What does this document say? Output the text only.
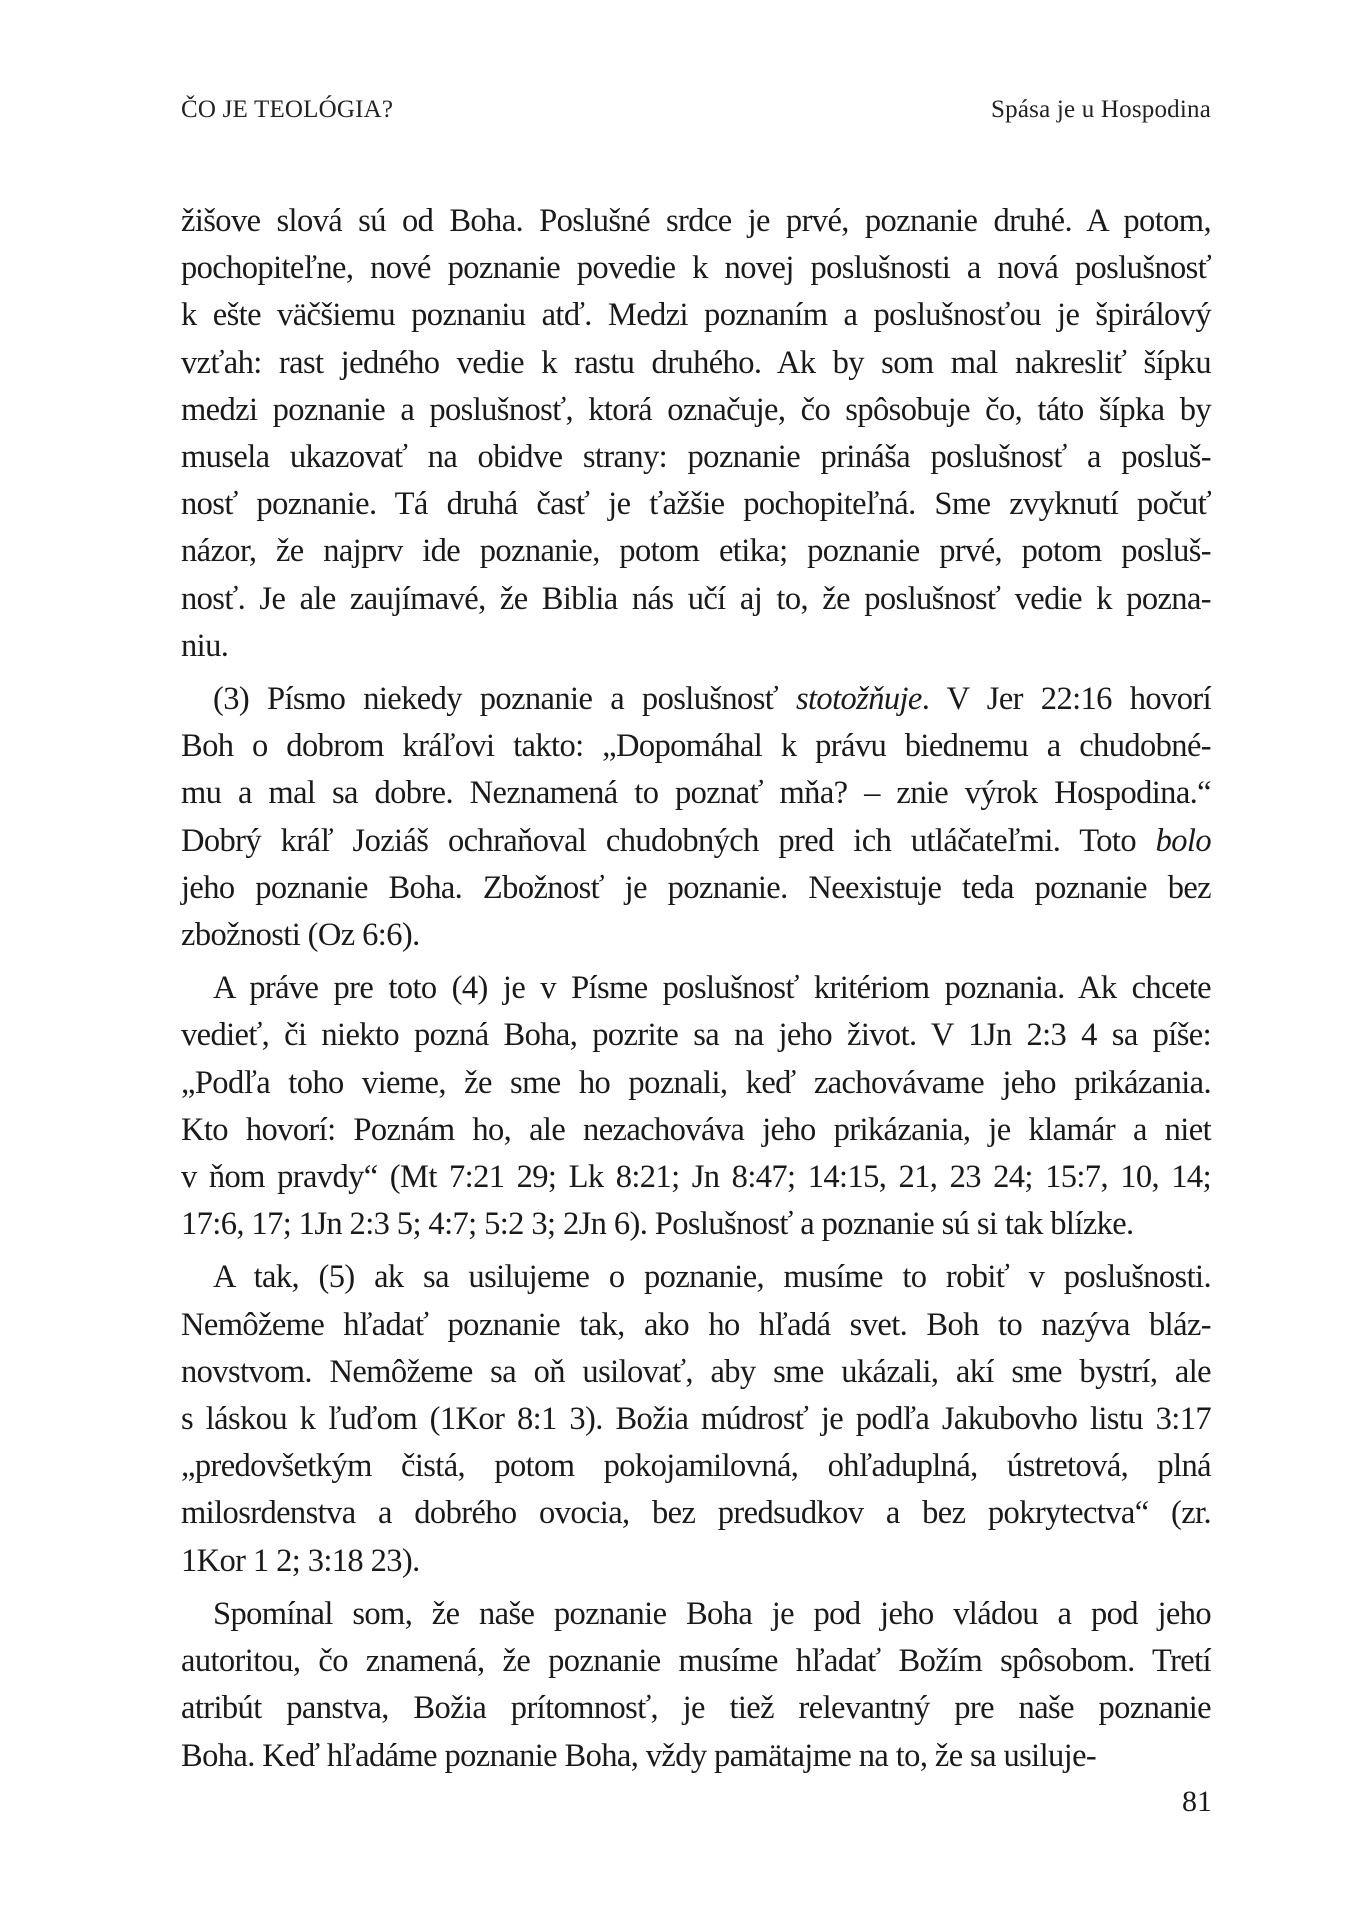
ČO JE TEOLÓGIA?	Spása je u Hospodina

žišove slová sú od Boha. Poslušné srdce je prvé, poznanie druhé. A potom,
pochopiteľne, nové poznanie povedie k novej poslušnosti a nová poslušnosť
k ešte väčšiemu poznaniu atď. Medzi poznaním a poslušnosťou je špirálový
vzťah: rast jedného vedie k rastu druhého. Ak by som mal nakresliť šípku
medzi poznanie a poslušnosť, ktorá označuje, čo spôsobuje čo, táto šípka by
musela ukazovať na obidve strany: poznanie prináša poslušnosť a posluš-
nosť poznanie. Tá druhá časť je ťažšie pochopiteľná. Sme zvyknutí počuť
názor, že najprv ide poznanie, potom etika; poznanie prvé, potom posluš-
nosť. Je ale zaujímavé, že Biblia nás učí aj to, že poslušnosť vedie k pozna-
niu.

(3) Písmo niekedy poznanie a poslušnosť stotožňuje. V Jer 22:16 hovorí
Boh o dobrom kráľovi takto: „Dopomáhal k právu biednemu a chudobné-
mu a mal sa dobre. Neznamená to poznať mňa? – znie výrok Hospodina.“
Dobrý kráľ Joziáš ochraňoval chudobných pred ich utláčateľmi. Toto bolo
jeho poznanie Boha. Zbožnosť je poznanie. Neexistuje teda poznanie bez
zbožnosti (Oz 6:6).

A práve pre toto (4) je v Písme poslušnosť kritériom poznania. Ak chcete
vedieť, či niekto pozná Boha, pozrite sa na jeho život. V 1Jn 2:3 4 sa píše:
„Podľa toho vieme, že sme ho poznali, keď zachovávame jeho prikázania.
Kto hovorí: Poznám ho, ale nezachováva jeho prikázania, je klamár a niet
v ňom pravdy“ (Mt 7:21 29; Lk 8:21; Jn 8:47; 14:15, 21, 23 24; 15:7, 10, 14;
17:6, 17; 1Jn 2:3 5; 4:7; 5:2 3; 2Jn 6). Poslušnosť a poznanie sú si tak blízke.

A tak, (5) ak sa usilujeme o poznanie, musíme to robiť v poslušnosti.
Nemôžeme hľadať poznanie tak, ako ho hľadá svet. Boh to nazýva bláz-
novstvom. Nemôžeme sa oň usilovať, aby sme ukázali, akí sme bystrí, ale
s láskou k ľuďom (1Kor 8:1 3). Božia múdrosť je podľa Jakubovho listu 3:17
„predovšetkým čistá, potom pokojamilovná, ohľaduplná, ústretová, plná
milosrdenstva a dobrého ovocia, bez predsudkov a bez pokrytectva“ (zr.
1Kor 1 2; 3:18 23).

Spomínal som, že naše poznanie Boha je pod jeho vládou a pod jeho
autoritou, čo znamená, že poznanie musíme hľadať Božím spôsobom. Tretí
atribút panstva, Božia prítomnosť, je tiež relevantný pre naše poznanie
Boha. Keď hľadáme poznanie Boha, vždy pamätajme na to, že sa usiluje-

81
